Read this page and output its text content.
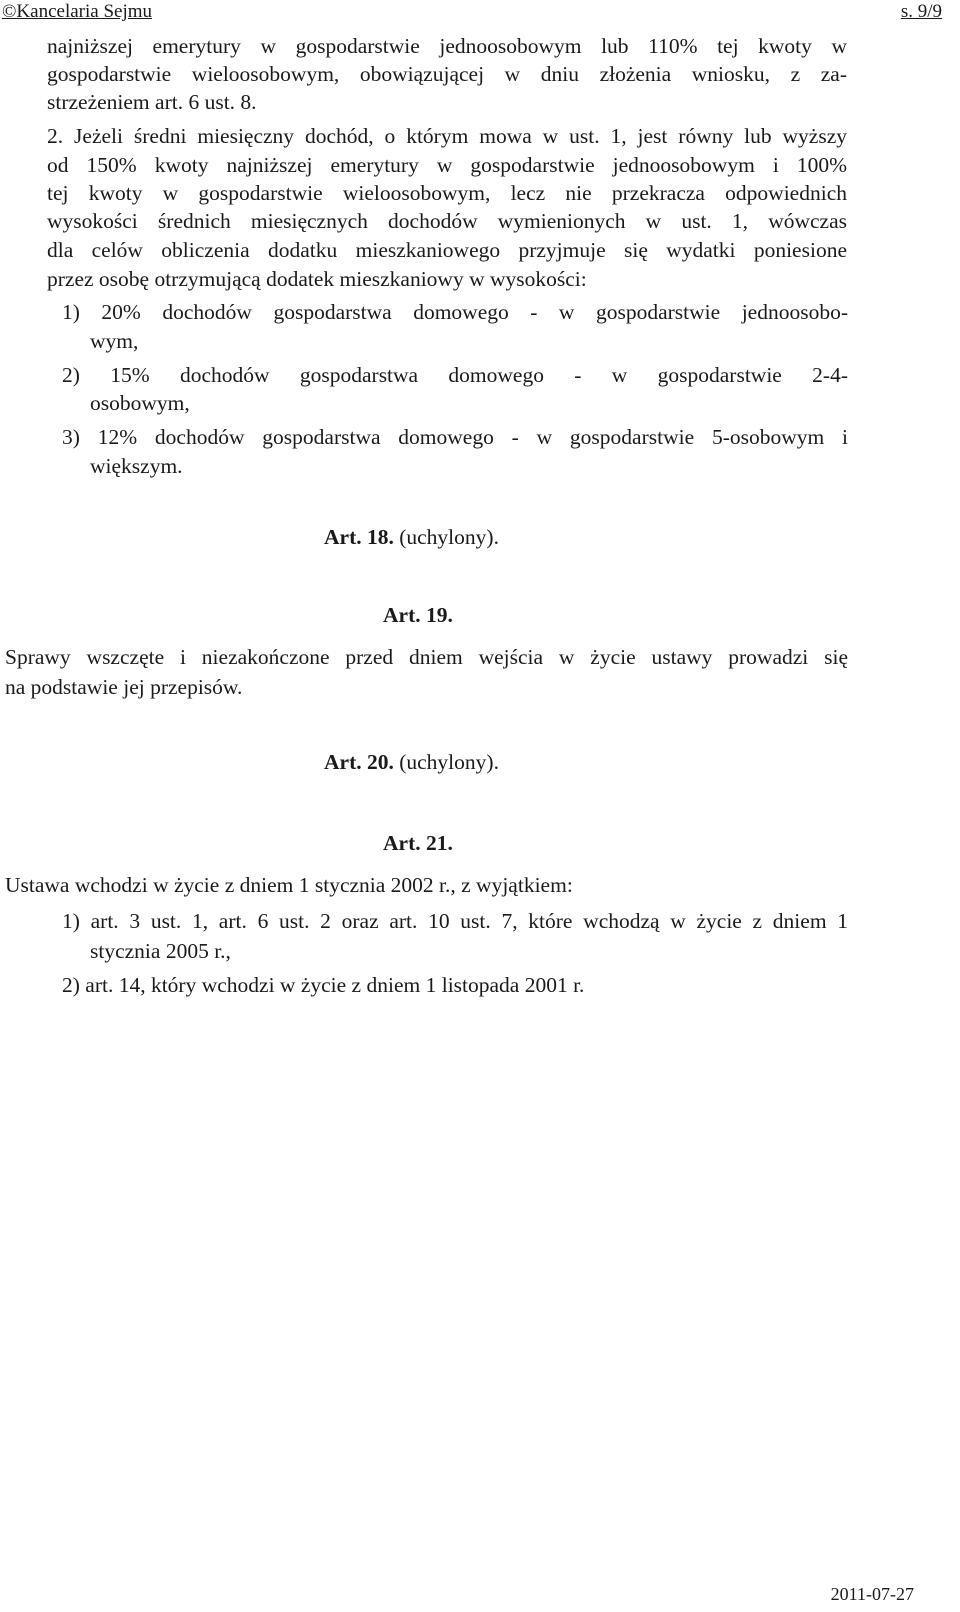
©Kancelaria Sejmu	s. 9/9
najniższej emerytury w gospodarstwie jednoosobowym lub 110% tej kwoty w
gospodarstwie wieloosobowym, obowiązującej w dniu złożenia wniosku, z za-
strzeżeniem art. 6 ust. 8.
2. Jeżeli średni miesięczny dochód, o którym mowa w ust. 1, jest równy lub wyższy
od 150% kwoty najniższej emerytury w gospodarstwie jednoosobowym i 100%
tej kwoty w gospodarstwie wieloosobowym, lecz nie przekracza odpowiednich
wysokości średnich miesięcznych dochodów wymienionych w ust. 1, wówczas
dla celów obliczenia dodatku mieszkaniowego przyjmuje się wydatki poniesione
przez osobę otrzymującą dodatek mieszkaniowy w wysokości:
1) 20% dochodów gospodarstwa domowego - w gospodarstwie jednoosobo-
wym,
2) 15% dochodów gospodarstwa domowego - w gospodarstwie 2-4-
osobowym,
3) 12% dochodów gospodarstwa domowego - w gospodarstwie 5-osobowym i
większym.
Art. 18. (uchylony).
Art. 19.
Sprawy wszczęte i niezakończone przed dniem wejścia w życie ustawy prowadzi się
na podstawie jej przepisów.
Art. 20. (uchylony).
Art. 21.
Ustawa wchodzi w życie z dniem 1 stycznia 2002 r., z wyjątkiem:
1) art. 3 ust. 1, art. 6 ust. 2 oraz art. 10 ust. 7, które wchodzą w życie z dniem 1
stycznia 2005 r.,
2) art. 14, który wchodzi w życie z dniem 1 listopada 2001 r.
2011-07-27
